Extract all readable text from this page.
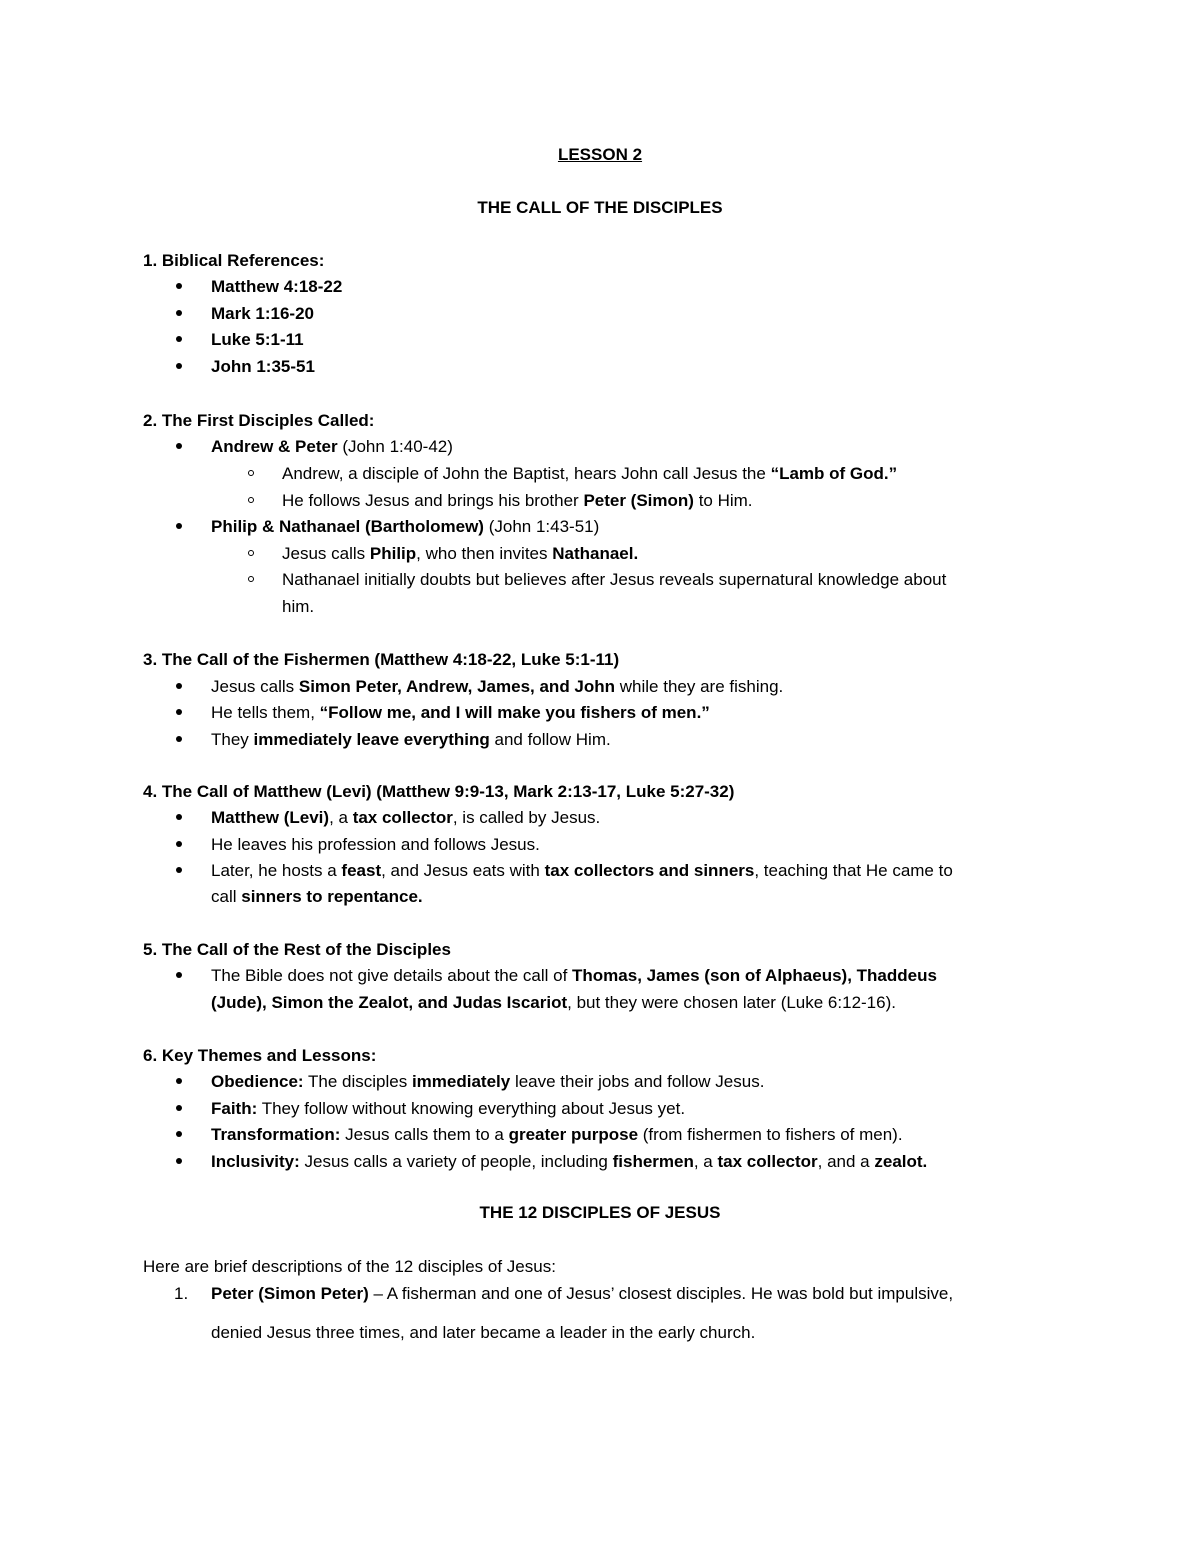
LESSON 2
THE CALL OF THE DISCIPLES
1. Biblical References:
Matthew 4:18-22
Mark 1:16-20
Luke 5:1-11
John 1:35-51
2. The First Disciples Called:
Andrew & Peter (John 1:40-42)
Andrew, a disciple of John the Baptist, hears John call Jesus the “Lamb of God.”
He follows Jesus and brings his brother Peter (Simon) to Him.
Philip & Nathanael (Bartholomew) (John 1:43-51)
Jesus calls Philip, who then invites Nathanael.
Nathanael initially doubts but believes after Jesus reveals supernatural knowledge about
him.
3. The Call of the Fishermen (Matthew 4:18-22, Luke 5:1-11)
Jesus calls Simon Peter, Andrew, James, and John while they are fishing.
He tells them, “Follow me, and I will make you fishers of men.”
They immediately leave everything and follow Him.
4. The Call of Matthew (Levi) (Matthew 9:9-13, Mark 2:13-17, Luke 5:27-32)
Matthew (Levi), a tax collector, is called by Jesus.
He leaves his profession and follows Jesus.
Later, he hosts a feast, and Jesus eats with tax collectors and sinners, teaching that He came to
call sinners to repentance.
5. The Call of the Rest of the Disciples
The Bible does not give details about the call of Thomas, James (son of Alphaeus), Thaddeus
(Jude), Simon the Zealot, and Judas Iscariot, but they were chosen later (Luke 6:12-16).
6. Key Themes and Lessons:
Obedience: The disciples immediately leave their jobs and follow Jesus.
Faith: They follow without knowing everything about Jesus yet.
Transformation: Jesus calls them to a greater purpose (from fishermen to fishers of men).
Inclusivity: Jesus calls a variety of people, including fishermen, a tax collector, and a zealot.
THE 12 DISCIPLES OF JESUS
Here are brief descriptions of the 12 disciples of Jesus:
1. Peter (Simon Peter) – A fisherman and one of Jesus’ closest disciples. He was bold but impulsive,
denied Jesus three times, and later became a leader in the early church.
